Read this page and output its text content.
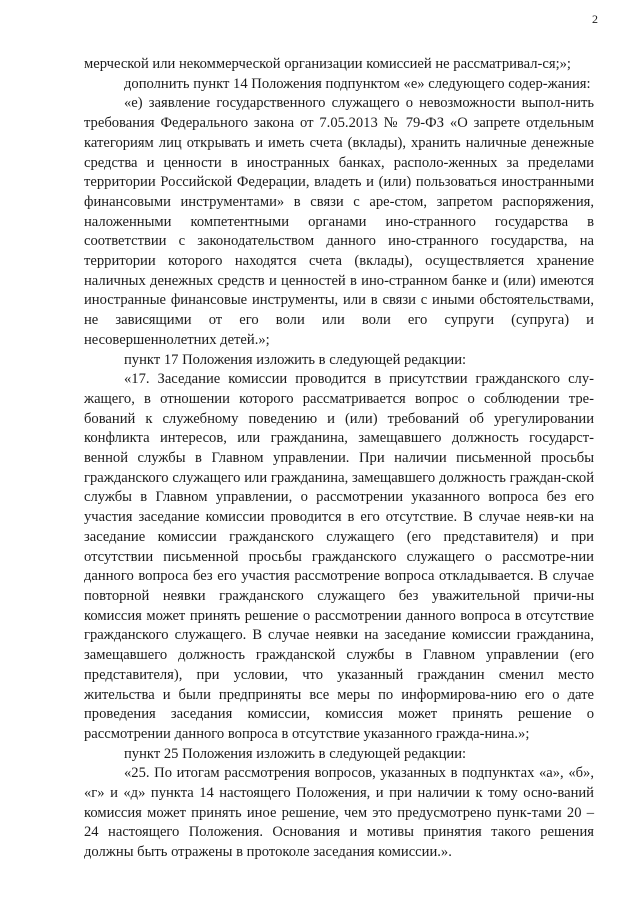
2

мерческой или некоммерческой организации комиссией не рассматривал-ся;»;

дополнить пункт 14 Положения подпунктом «е» следующего содер-жания:

«е) заявление государственного служащего о невозможности выпол-нить требования Федерального закона от 7.05.2013 № 79-ФЗ «О запрете отдельным категориям лиц открывать и иметь счета (вклады), хранить наличные денежные средства и ценности в иностранных банках, располо-женных за пределами территории Российской Федерации, владеть и (или) пользоваться иностранными финансовыми инструментами» в связи с аре-стом, запретом распоряжения, наложенными компетентными органами ино-странного государства в соответствии с законодательством данного ино-странного государства, на территории которого находятся счета (вклады), осуществляется хранение наличных денежных средств и ценностей в ино-странном банке и (или) имеются иностранные финансовые инструменты, или в связи с иными обстоятельствами, не зависящими от его воли или воли его супруги (супруга) и несовершеннолетних детей.»;

пункт 17 Положения изложить в следующей редакции:

«17. Заседание комиссии проводится в присутствии гражданского слу-жащего, в отношении которого рассматривается вопрос о соблюдении тре-бований к служебному поведению и (или) требований об урегулировании конфликта интересов, или гражданина, замещавшего должность государст-венной службы в Главном управлении. При наличии письменной просьбы гражданского служащего или гражданина, замещавшего должность граждан-ской службы в Главном управлении, о рассмотрении указанного вопроса без его участия заседание комиссии проводится в его отсутствие. В случае неяв-ки на заседание комиссии гражданского служащего (его представителя) и при отсутствии письменной просьбы гражданского служащего о рассмотре-нии данного вопроса без его участия рассмотрение вопроса откладывается. В случае повторной неявки гражданского служащего без уважительной причи-ны комиссия может принять решение о рассмотрении данного вопроса в отсутствие гражданского служащего. В случае неявки на заседание комиссии гражданина, замещавшего должность гражданской службы в Главном управлении (его представителя), при условии, что указанный гражданин сменил место жительства и были предприняты все меры по информирова-нию его о дате проведения заседания комиссии, комиссия может принять решение о рассмотрении данного вопроса в отсутствие указанного гражда-нина.»;

пункт 25 Положения изложить в следующей редакции:

«25. По итогам рассмотрения вопросов, указанных в подпунктах «а», «б», «г» и «д» пункта 14 настоящего Положения, и при наличии к тому осно-ваний комиссия может принять иное решение, чем это предусмотрено пунк-тами 20 – 24 настоящего Положения. Основания и мотивы принятия такого решения должны быть отражены в протоколе заседания комиссии.».
